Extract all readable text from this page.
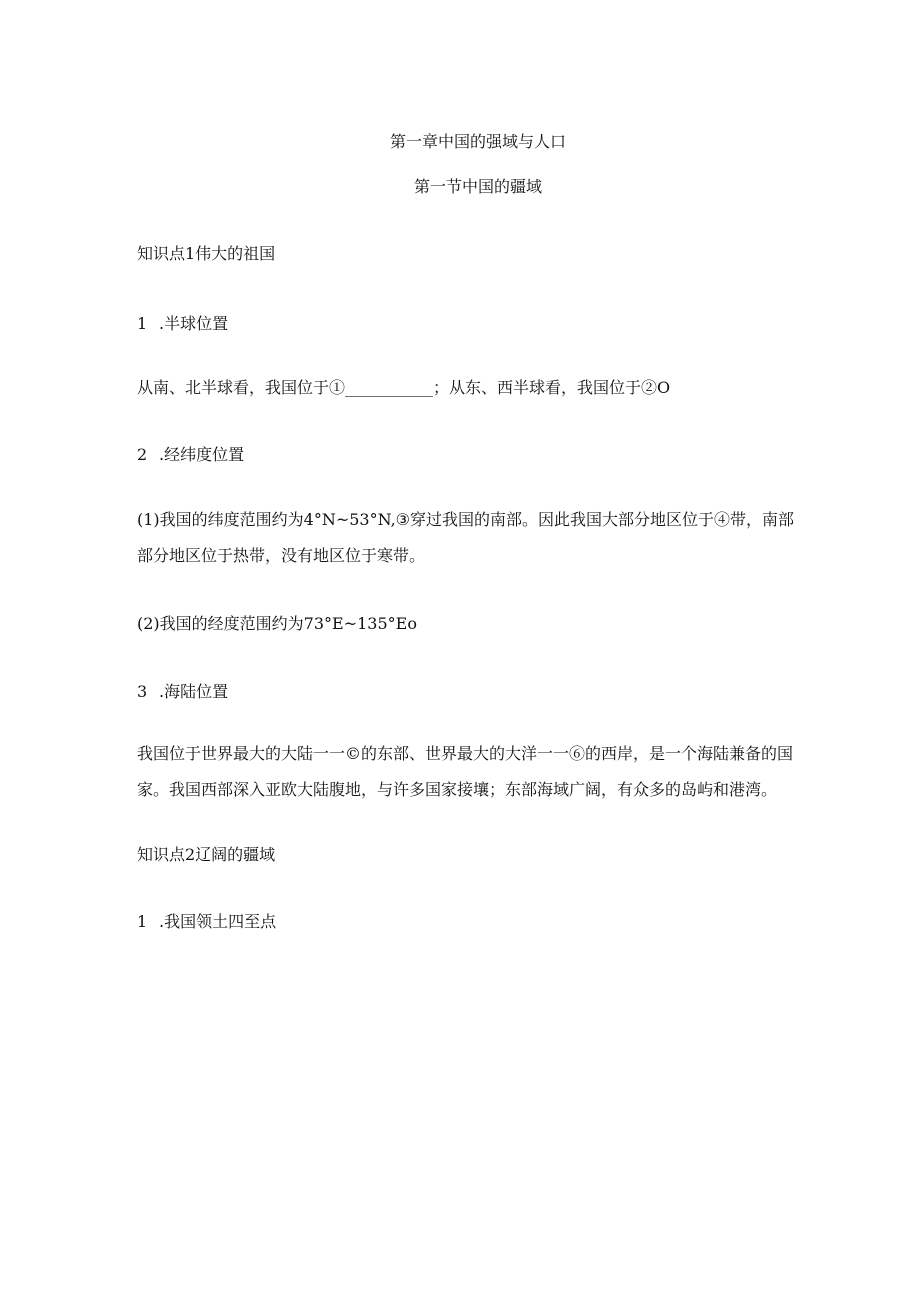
第一章中国的强域与人口
第一节中国的疆域
知识点1伟大的祖国
1 .半球位置
从南、北半球看，我国位于①___________；从东、西半球看，我国位于②O
2 .经纬度位置
(1)我国的纬度范围约为4°N~53°N,③穿过我国的南部。因此我国大部分地区位于④带，南部
部分地区位于热带，没有地区位于寒带。
(2)我国的经度范围约为73°E~135°Eo
3 .海陆位置
我国位于世界最大的大陆一一©的东部、世界最大的大洋一一⑥的西岸，是一个海陆兼备的国
家。我国西部深入亚欧大陆腹地，与许多国家接壤；东部海域广阔，有众多的岛屿和港湾。
知识点2辽阔的疆域
1 .我国领土四至点
